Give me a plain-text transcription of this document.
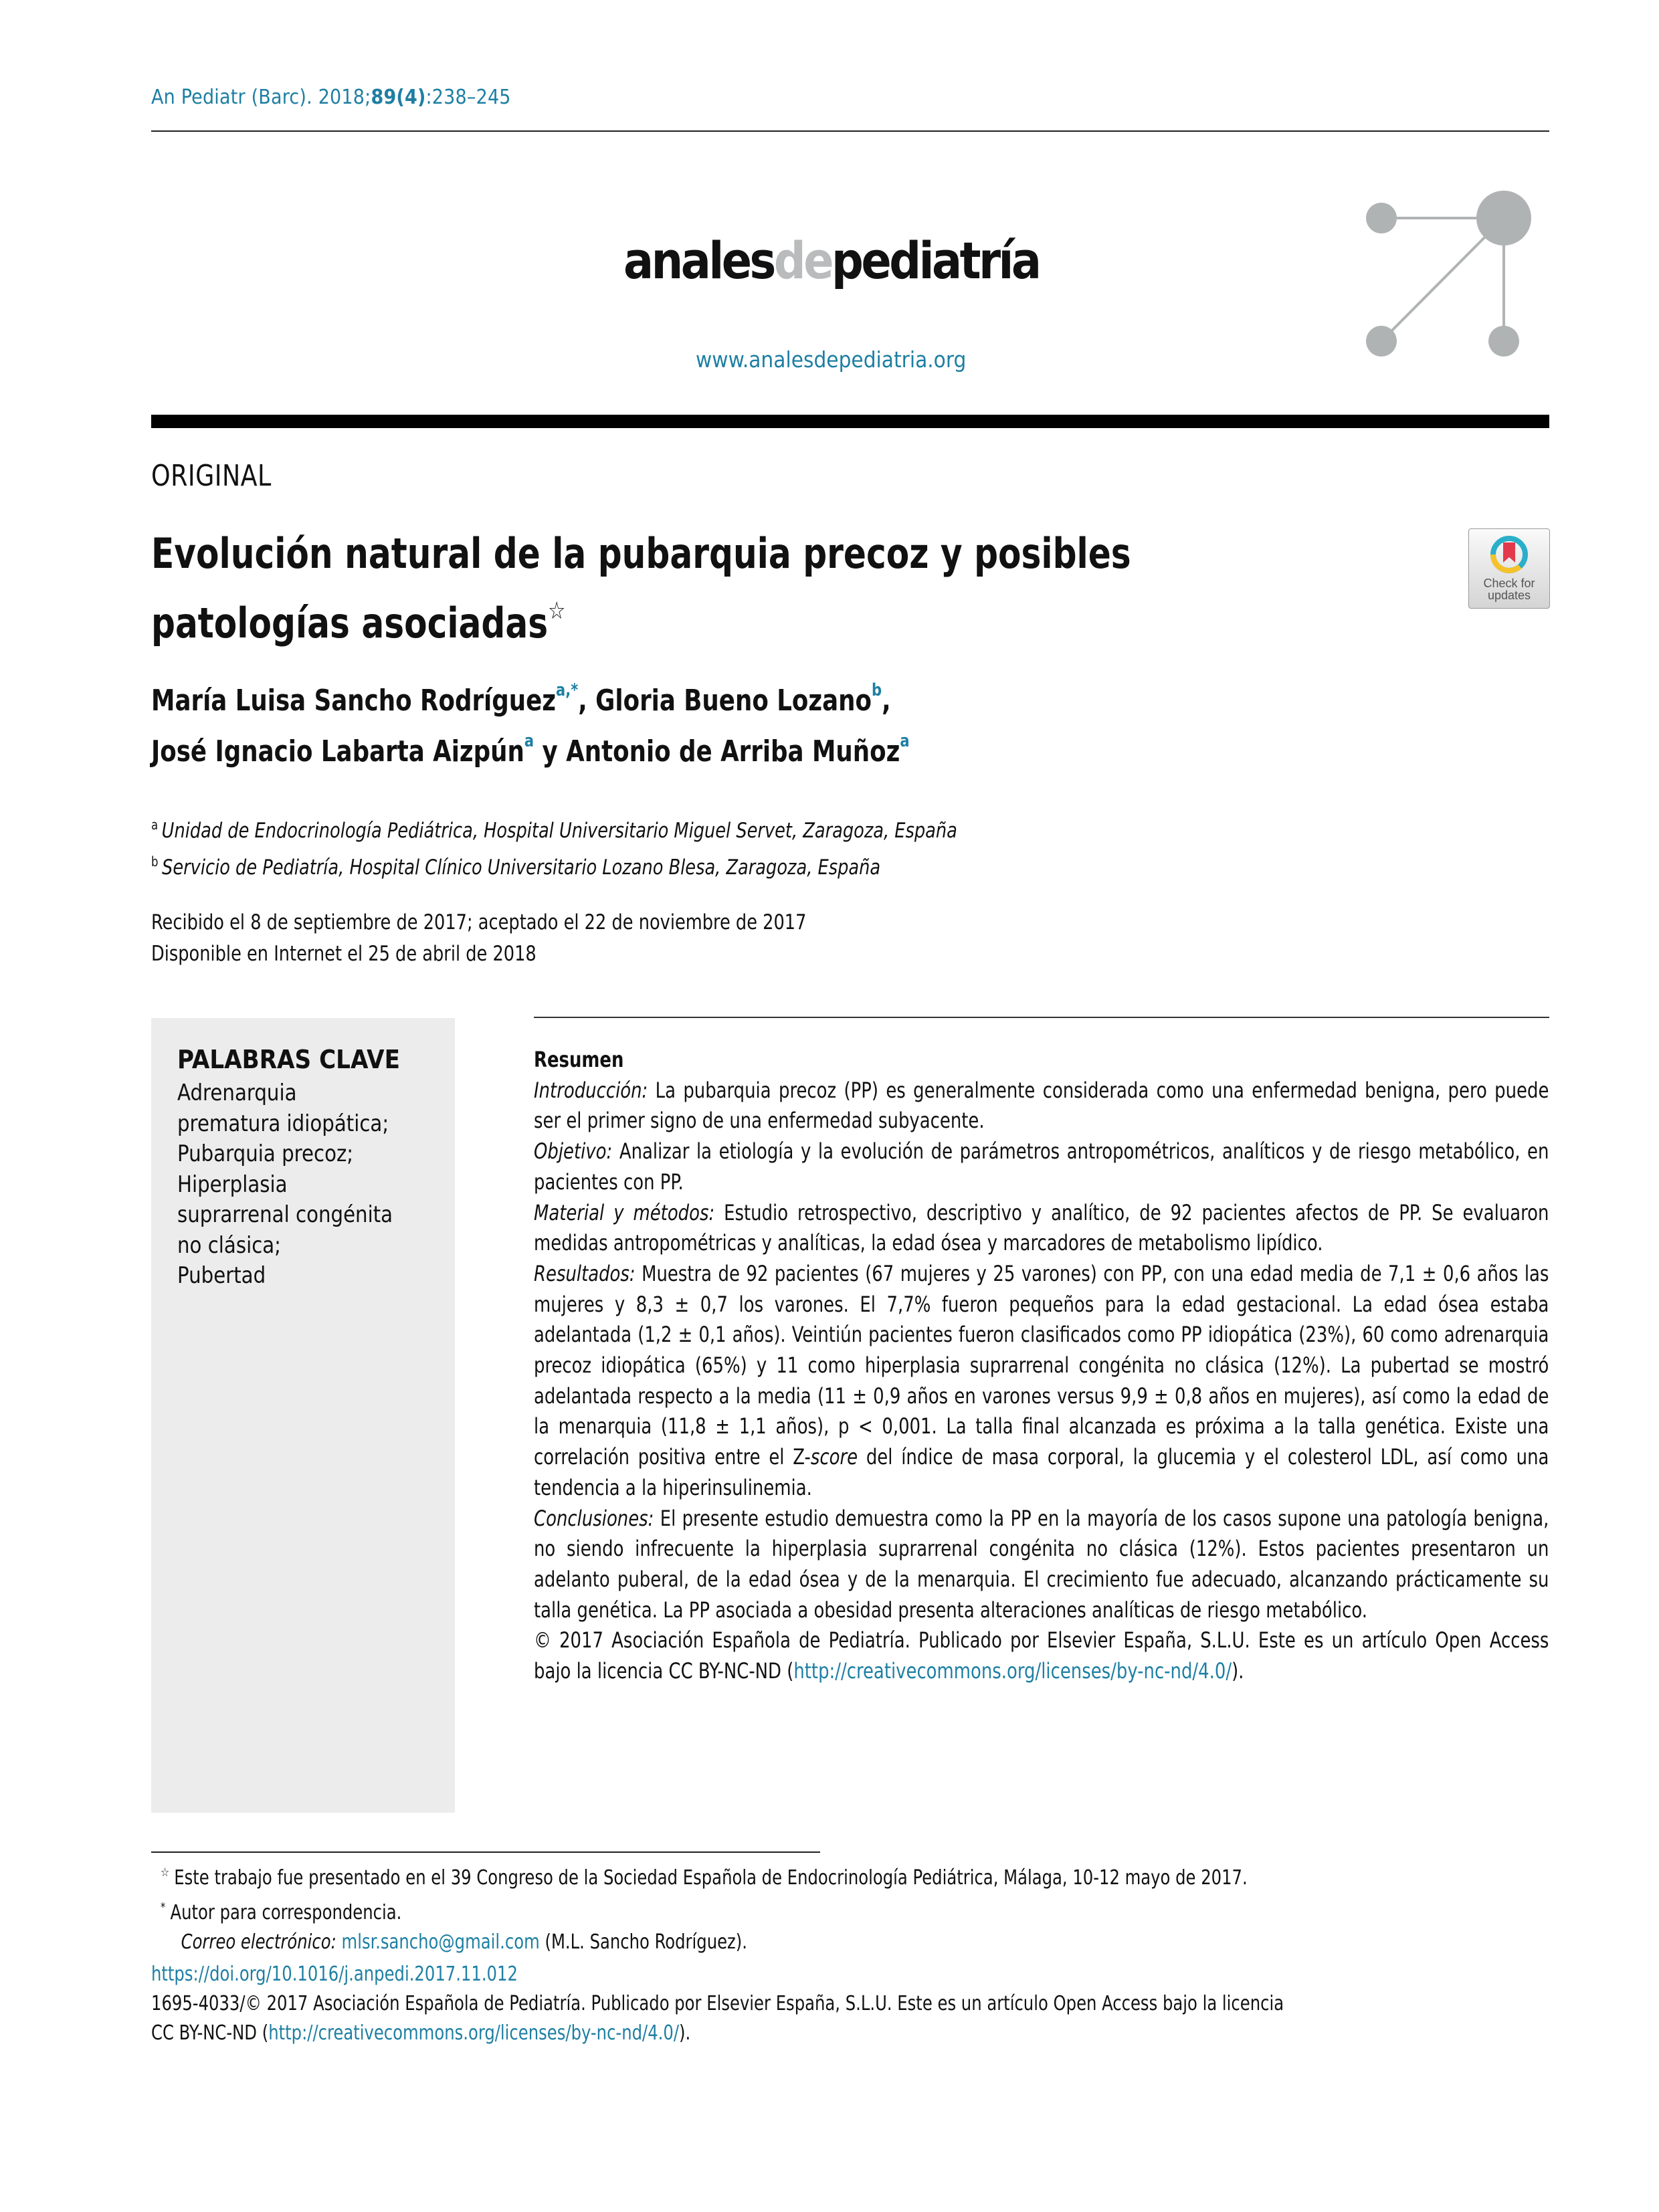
An Pediatr (Barc). 2018;89(4):238–245
analesdepediatría
www.analesdepediatria.org
ORIGINAL
Evolución natural de la pubarquia precoz y posibles
patologías asociadas☆
Check for
updates
María Luisa Sancho Rodríguez$^{a,*}$, Gloria Bueno Lozano$^b$,
José Ignacio Labarta Aizpún$^a$ y Antonio de Arriba Muñoz$^a$
$^a$ Unidad de Endocrinología Pediátrica, Hospital Universitario Miguel Servet, Zaragoza, España
$^b$ Servicio de Pediatría, Hospital Clínico Universitario Lozano Blesa, Zaragoza, España
Recibido el 8 de septiembre de 2017; aceptado el 22 de noviembre de 2017
Disponible en Internet el 25 de abril de 2018
PALABRAS CLAVE
Adrenarquia
prematura idiopática;
Pubarquia precoz;
Hiperplasia
suprarrenal congénita
no clásica;
Pubertad
Resumen

Introducción: La pubarquia precoz (PP) es generalmente considerada como una enfermedad benigna, pero puede ser el primer signo de una enfermedad subyacente.

Objetivo: Analizar la etiología y la evolución de parámetros antropométricos, analíticos y de riesgo metabólico, en pacientes con PP.

Material y métodos: Estudio retrospectivo, descriptivo y analítico, de 92 pacientes afectos de PP. Se evaluaron medidas antropométricas y analíticas, la edad ósea y marcadores de metabolismo lipídico.

Resultados: Muestra de 92 pacientes (67 mujeres y 25 varones) con PP, con una edad media de 7,1 ± 0,6 años las mujeres y 8,3 ± 0,7 los varones. El 7,7% fueron pequeños para la edad gestacional. La edad ósea estaba adelantada (1,2 ± 0,1 años). Veintiún pacientes fueron clasificados como PP idiopática (23%), 60 como adrenarquia precoz idiopática (65%) y 11 como hiperplasia suprarrenal congénita no clásica (12%). La pubertad se mostró adelantada respecto a la media (11 ± 0,9 años en varones versus 9,9 ± 0,8 años en mujeres), así como la edad de la menarquia (11,8 ± 1,1 años), p < 0,001. La talla final alcanzada es próxima a la talla genética. Existe una correlación positiva entre el Z-score del índice de masa corporal, la glucemia y el colesterol LDL, así como una tendencia a la hiperinsulinemia.

Conclusiones: El presente estudio demuestra como la PP en la mayoría de los casos supone una patología benigna, no siendo infrecuente la hiperplasia suprarrenal congénita no clásica (12%). Estos pacientes presentaron un adelanto puberal, de la edad ósea y de la menarquia. El crecimiento fue adecuado, alcanzando prácticamente su talla genética. La PP asociada a obesidad presenta alteraciones analíticas de riesgo metabólico.

© 2017 Asociación Española de Pediatría. Publicado por Elsevier España, S.L.U. Este es un artículo Open Access bajo la licencia CC BY-NC-ND (http://creativecommons.org/licenses/by-nc-nd/4.0/).

☆ Este trabajo fue presentado en el 39 Congreso de la Sociedad Española de Endocrinología Pediátrica, Málaga, 10-12 mayo de 2017.
* Autor para correspondencia.
Correo electrónico: mlsr.sancho@gmail.com (M.L. Sancho Rodríguez).
https://doi.org/10.1016/j.anpedi.2017.11.012
1695-4033/© 2017 Asociación Española de Pediatría. Publicado por Elsevier España, S.L.U. Este es un artículo Open Access bajo la licencia
CC BY-NC-ND (http://creativecommons.org/licenses/by-nc-nd/4.0/).
